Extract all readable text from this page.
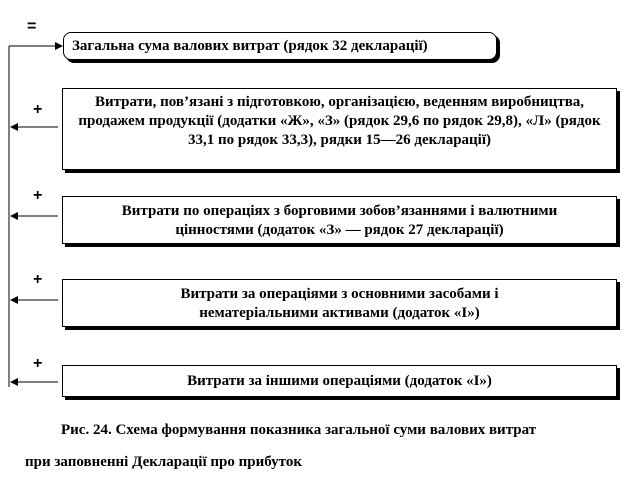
=
Загальна сума валових витрат (рядок 32 декларації)
+	Витрати, пов’язані з підготовкою, організацією, веденням виробництва, продажем продукції (додатки «Ж», «З» (рядок 29,6 по рядок 29,8), «Л» (рядок 33,1 по рядок 33,3), рядки 15—26 декларації)
+
Витрати по операціях з борговими зобов’язаннями і валютними цінностями (додаток «З» — рядок 27 декларації)
+
Витрати за операціями з основними засобами і нематеріальними активами (додаток «І»)
+
Витрати за іншими операціями (додаток «І»)
Рис. 24. Схема формування показника загальної суми валових витрат
при заповненні Декларації про прибуток
